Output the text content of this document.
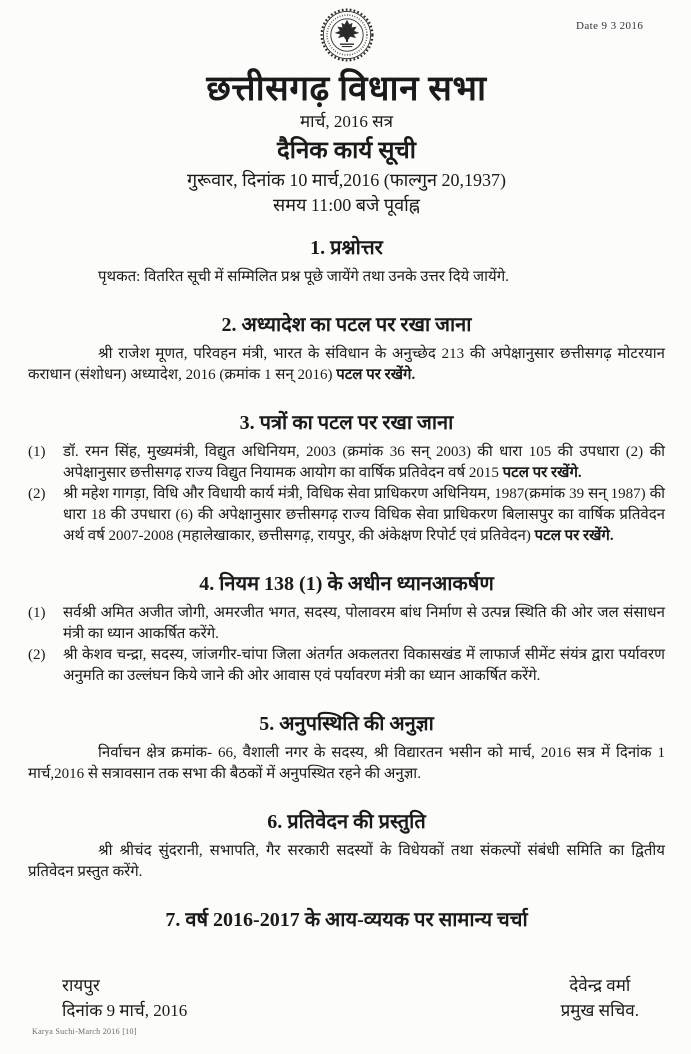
Date 9 3 2016
छत्तीसगढ़ विधान सभा
मार्च, 2016 सत्र
दैनिक कार्य सूची
गुरूवार, दिनांक 10 मार्च,2016 (फाल्गुन 20,1937)
समय 11:00 बजे पूर्वाह्न
1. प्रश्नोत्तर

पृथकत: वितरित सूची में सम्मिलित प्रश्न पूछे जायेंगे तथा उनके उत्तर दिये जायेंगे.

2. अध्यादेश का पटल पर रखा जाना

श्री राजेश मूणत, परिवहन मंत्री, भारत के संविधान के अनुच्छेद 213 की अपेक्षानुसार छत्तीसगढ़ मोटरयान कराधान (संशोधन) अध्यादेश, 2016 (क्रमांक 1 सन् 2016) पटल पर रखेंगे.

3. पत्रों का पटल पर रखा जाना
(1)	डॉ. रमन सिंह, मुख्यमंत्री, विद्युत अधिनियम, 2003 (क्रमांक 36 सन् 2003) की धारा 105 की उपधारा (2) की अपेक्षानुसार छत्तीसगढ़ राज्य विद्युत नियामक आयोग का वार्षिक प्रतिवेदन वर्ष 2015 पटल पर रखेंगे.
(2)	श्री महेश गागड़ा, विधि और विधायी कार्य मंत्री, विधिक सेवा प्राधिकरण अधिनियम, 1987(क्रमांक 39 सन् 1987) की धारा 18 की उपधारा (6) की अपेक्षानुसार छत्तीसगढ़ राज्य विधिक सेवा प्राधिकरण बिलासपुर का वार्षिक प्रतिवेदन अर्थ वर्ष 2007-2008 (महालेखाकार, छत्तीसगढ़, रायपुर, की अंकेक्षण रिपोर्ट एवं प्रतिवेदन) पटल पर रखेंगे.
4. नियम 138 (1) के अधीन ध्यानआकर्षण
(1)	सर्वश्री अमित अजीत जोगी, अमरजीत भगत, सदस्य, पोलावरम बांध निर्माण से उत्पन्न स्थिति की ओर जल संसाधन मंत्री का ध्यान आकर्षित करेंगे.
(2)	श्री केशव चन्द्रा, सदस्य, जांजगीर-चांपा जिला अंतर्गत अकलतरा विकासखंड में लाफार्ज सीमेंट संयंत्र द्वारा पर्यावरण अनुमति का उल्लंघन किये जाने की ओर आवास एवं पर्यावरण मंत्री का ध्यान आकर्षित करेंगे.
5. अनुपस्थिति की अनुज्ञा

निर्वाचन क्षेत्र क्रमांक- 66, वैशाली नगर के सदस्य, श्री विद्यारतन भसीन को मार्च, 2016 सत्र में दिनांक 1 मार्च,2016 से सत्रावसान तक सभा की बैठकों में अनुपस्थित रहने की अनुज्ञा.

6. प्रतिवेदन की प्रस्तुति

श्री श्रीचंद सुंदरानी, सभापति, गैर सरकारी सदस्यों के विधेयकों तथा संकल्पों संबंधी समिति का द्वितीय प्रतिवेदन प्रस्तुत करेंगे.

7. वर्ष 2016-2017 के आय-व्ययक पर सामान्य चर्चा
रायपुर
दिनांक 9 मार्च, 2016
देवेन्द्र वर्मा
प्रमुख सचिव.
Karya Suchi-March 2016 [10]
